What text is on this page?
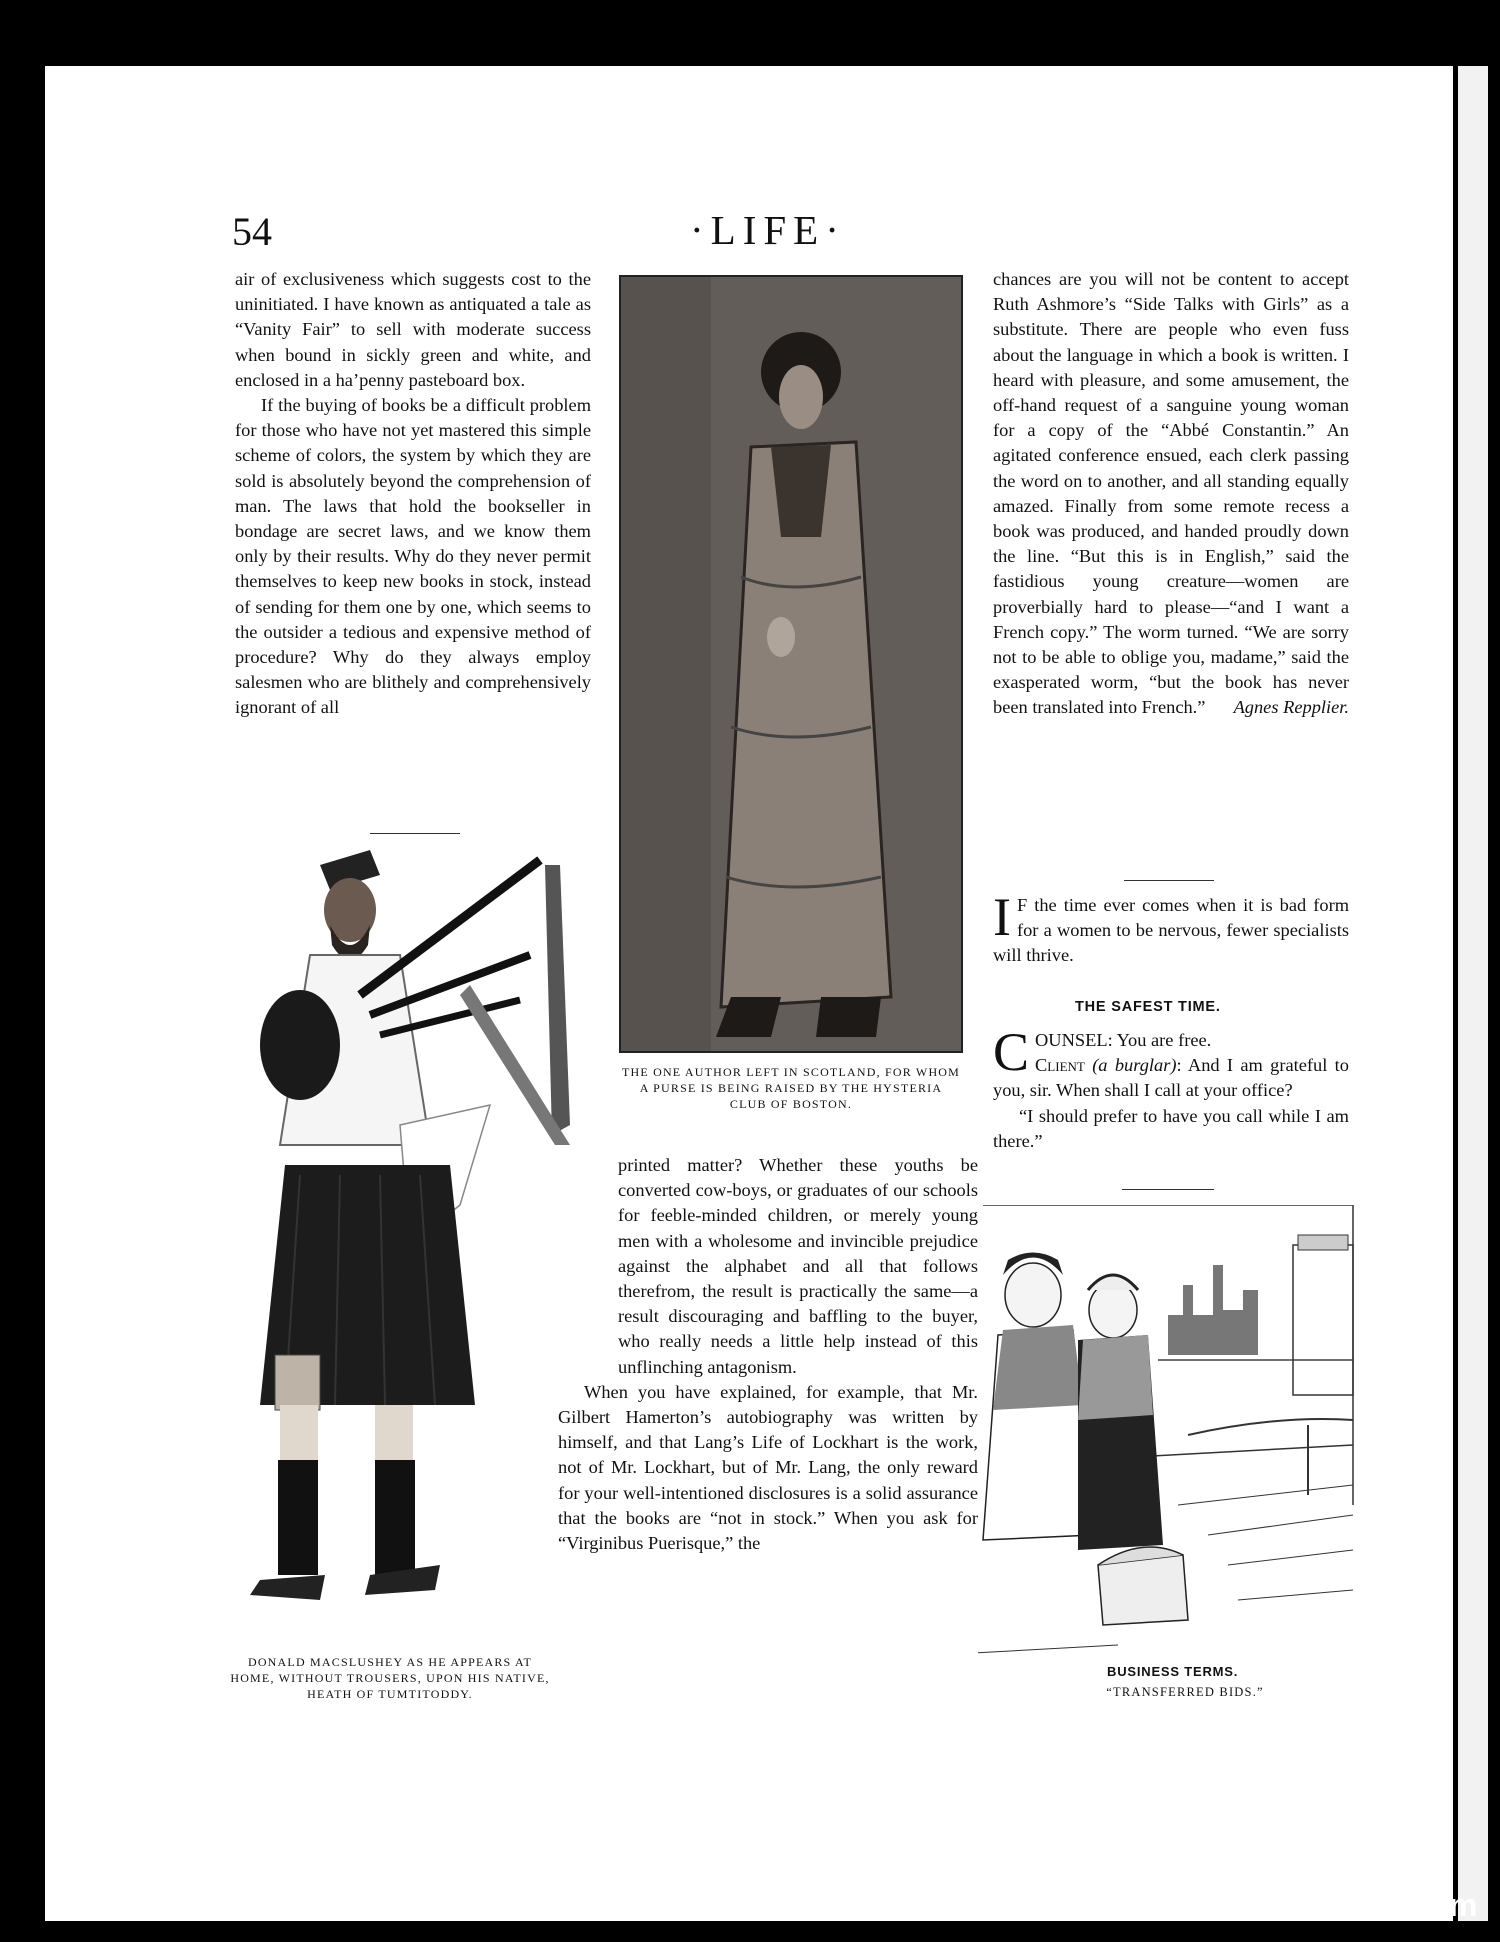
54	·LIFE·

air of exclusiveness which suggests cost to the uninitiated. I have known as antiquated a tale as “Vanity Fair” to sell with moderate success when bound in sickly green and white, and enclosed in a ha’penny pasteboard box.

If the buying of books be a difficult problem for those who have not yet mastered this simple scheme of colors, the system by which they are sold is absolutely beyond the comprehension of man. The laws that hold the bookseller in bondage are secret laws, and we know them only by their results. Why do they never permit themselves to keep new books in stock, instead of sending for them one by one, which seems to the outsider a tedious and expensive method of procedure? Why do they always employ salesmen who are blithely and comprehensively ignorant of all

DONALD MACSLUSHEY AS HE APPEARS AT HOME, WITHOUT TROUSERS, UPON HIS NATIVE, HEATH OF TUMTITODDY.
THE ONE AUTHOR LEFT IN SCOTLAND, FOR WHOM A PURSE IS BEING RAISED BY THE HYSTERIA CLUB OF BOSTON.

printed matter? Whether these youths be converted cow-boys, or graduates of our schools for feeble-minded children, or merely young men with a wholesome and invincible prejudice against the alphabet and all that follows therefrom, the result is practically the same—a result discouraging and baffling to the buyer, who really needs a little help instead of this unflinching antagonism.

When you have explained, for example, that Mr. Gilbert Hamerton’s autobiography was written by himself, and that Lang’s Life of Lockhart is the work, not of Mr. Lockhart, but of Mr. Lang, the only reward for your well-intentioned disclosures is a solid assurance that the books are “not in stock.” When you ask for “Virginibus Puerisque,” the

chances are you will not be content to accept Ruth Ashmore’s “Side Talks with Girls” as a substitute. There are people who even fuss about the language in which a book is written. I heard with pleasure, and some amusement, the off-hand request of a sanguine young woman for a copy of the “Abbé Constantin.” An agitated conference ensued, each clerk passing the word on to another, and all standing equally amazed. Finally from some remote recess a book was produced, and handed proudly down the line. “But this is in English,” said the fastidious young creature—women are proverbially hard to please—“and I want a French copy.” The worm turned. “We are sorry not to be able to oblige you, madame,” said the exasperated worm, “but the book has never been translated into French.” Agnes Repplier.

I F the time ever comes when it is bad form for a women to be nervous, fewer specialists will thrive.

THE SAFEST TIME.

COUNSEL: You are free.
Client (a burglar): And I am grateful to you, sir. When shall I call at your office?

“I should prefer to have you call while I am there.”

BUSINESS TERMS.
“TRANSFERRED BIDS.”
comicbooks.com
